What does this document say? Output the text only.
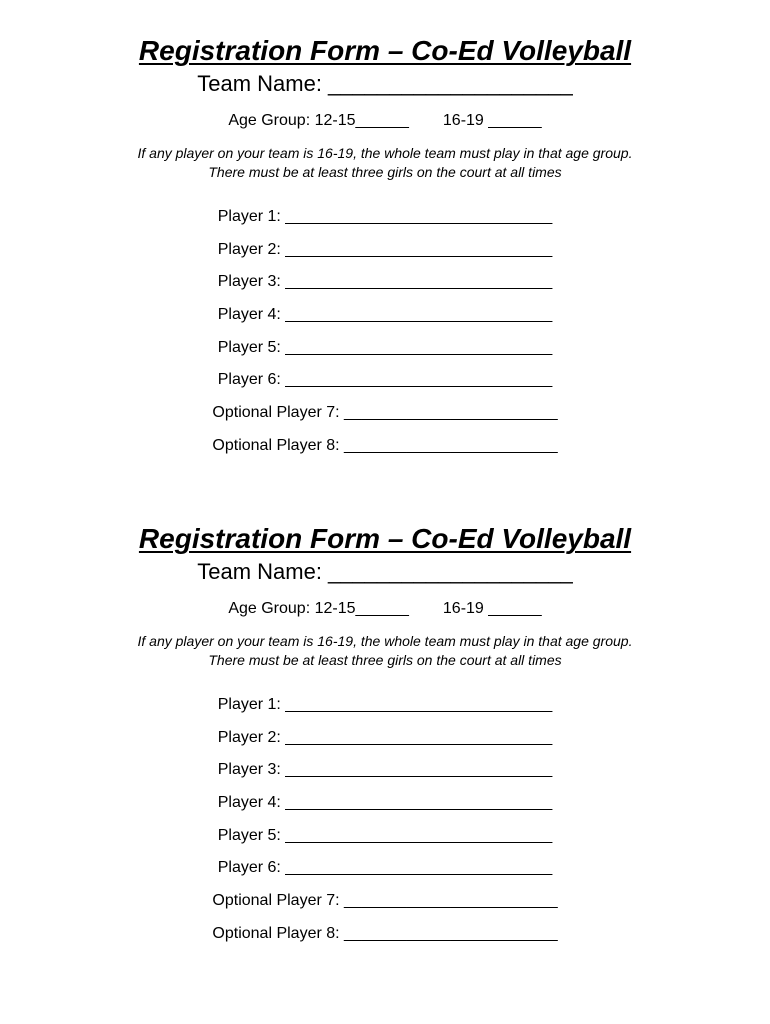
Registration Form – Co-Ed Volleyball
Team Name: ____________________
Age Group: 12-15______ 16-19 ______
If any player on your team is 16-19, the whole team must play in that age group.
There must be at least three girls on the court at all times
Player 1: ______________________________
Player 2: ______________________________
Player 3: ______________________________
Player 4: ______________________________
Player 5: ______________________________
Player 6: ______________________________
Optional Player 7: ________________________
Optional Player 8: ________________________
Registration Form – Co-Ed Volleyball
Team Name: ____________________
Age Group: 12-15______ 16-19 ______
If any player on your team is 16-19, the whole team must play in that age group.
There must be at least three girls on the court at all times
Player 1: ______________________________
Player 2: ______________________________
Player 3: ______________________________
Player 4: ______________________________
Player 5: ______________________________
Player 6: ______________________________
Optional Player 7: ________________________
Optional Player 8: ________________________
